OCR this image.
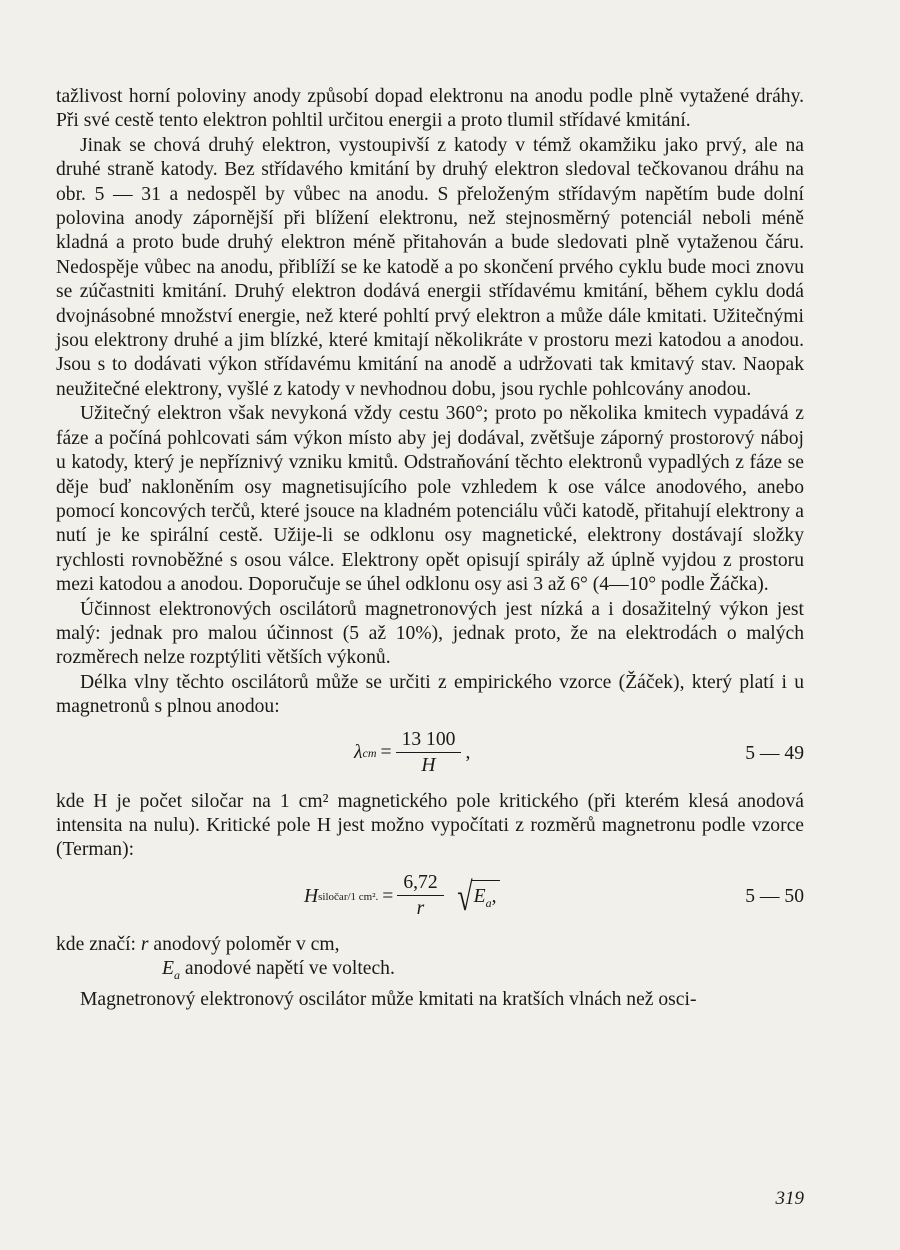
tažlivost horní poloviny anody způsobí dopad elektronu na anodu podle plně vytažené dráhy. Při své cestě tento elektron pohltil určitou energii a proto tlumil střídavé kmitání.

Jinak se chová druhý elektron, vystoupivší z katody v témž okamžiku jako prvý, ale na druhé straně katody. Bez střídavého kmitání by druhý elektron sledoval tečkovanou dráhu na obr. 5 — 31 a nedospěl by vůbec na anodu. S přeloženým střídavým napětím bude dolní polovina anody zápornější při blížení elektronu, než stejnosměrný potenciál neboli méně kladná a proto bude druhý elektron méně přitahován a bude sledovati plně vytaženou čáru. Nedospěje vůbec na anodu, přiblíží se ke katodě a po skončení prvého cyklu bude moci znovu se zúčastniti kmitání. Druhý elektron dodává energii střídavému kmitání, během cyklu dodá dvojnásobné množství energie, než které pohltí prvý elektron a může dále kmitati. Užitečnými jsou elektrony druhé a jim blízké, které kmitají několikráte v prostoru mezi katodou a anodou. Jsou s to dodávati výkon střídavému kmitání na anodě a udržovati tak kmitavý stav. Naopak neužitečné elektrony, vyšlé z katody v nevhodnou dobu, jsou rychle pohlcovány anodou.

Užitečný elektron však nevykoná vždy cestu 360°; proto po několika kmitech vypadává z fáze a počíná pohlcovati sám výkon místo aby jej dodával, zvětšuje záporný prostorový náboj u katody, který je nepříznivý vzniku kmitů. Odstraňování těchto elektronů vypadlých z fáze se děje buď nakloněním osy magnetisujícího pole vzhledem k ose válce anodového, anebo pomocí koncových terčů, které jsouce na kladném potenciálu vůči katodě, přitahují elektrony a nutí je ke spirální cestě. Užije-li se odklonu osy magnetické, elektrony dostávají složky rychlosti rovnoběžné s osou válce. Elektrony opět opisují spirály až úplně vyjdou z prostoru mezi katodou a anodou. Doporučuje se úhel odklonu osy asi 3 až 6° (4—10° podle Žáčka).

Účinnost elektronových oscilátorů magnetronových jest nízká a i dosažitelný výkon jest malý: jednak pro malou účinnost (5 až 10%), jednak proto, že na elektrodách o malých rozměrech nelze rozptýliti větších výkonů.

Délka vlny těchto oscilátorů může se určiti z empirického vzorce (Žáček), který platí i u magnetronů s plnou anodou:

λ cm = $\frac{13 100}{H}$ ,	5 — 49

kde H je počet siločar na 1 cm² magnetického pole kritického (při kterém klesá anodová intensita na nulu). Kritické pole H jest možno vypočítati z rozměrů magnetronu podle vzorce (Terman):

H siločar/1 cm². = $\frac{6,72}{r}$ √ $E_a$,	5 — 50

kde značí: r anodový poloměr v cm,

$E_a$ anodové napětí ve voltech.

Magnetronový elektronový oscilátor může kmitati na kratších vlnách než osci-

319
